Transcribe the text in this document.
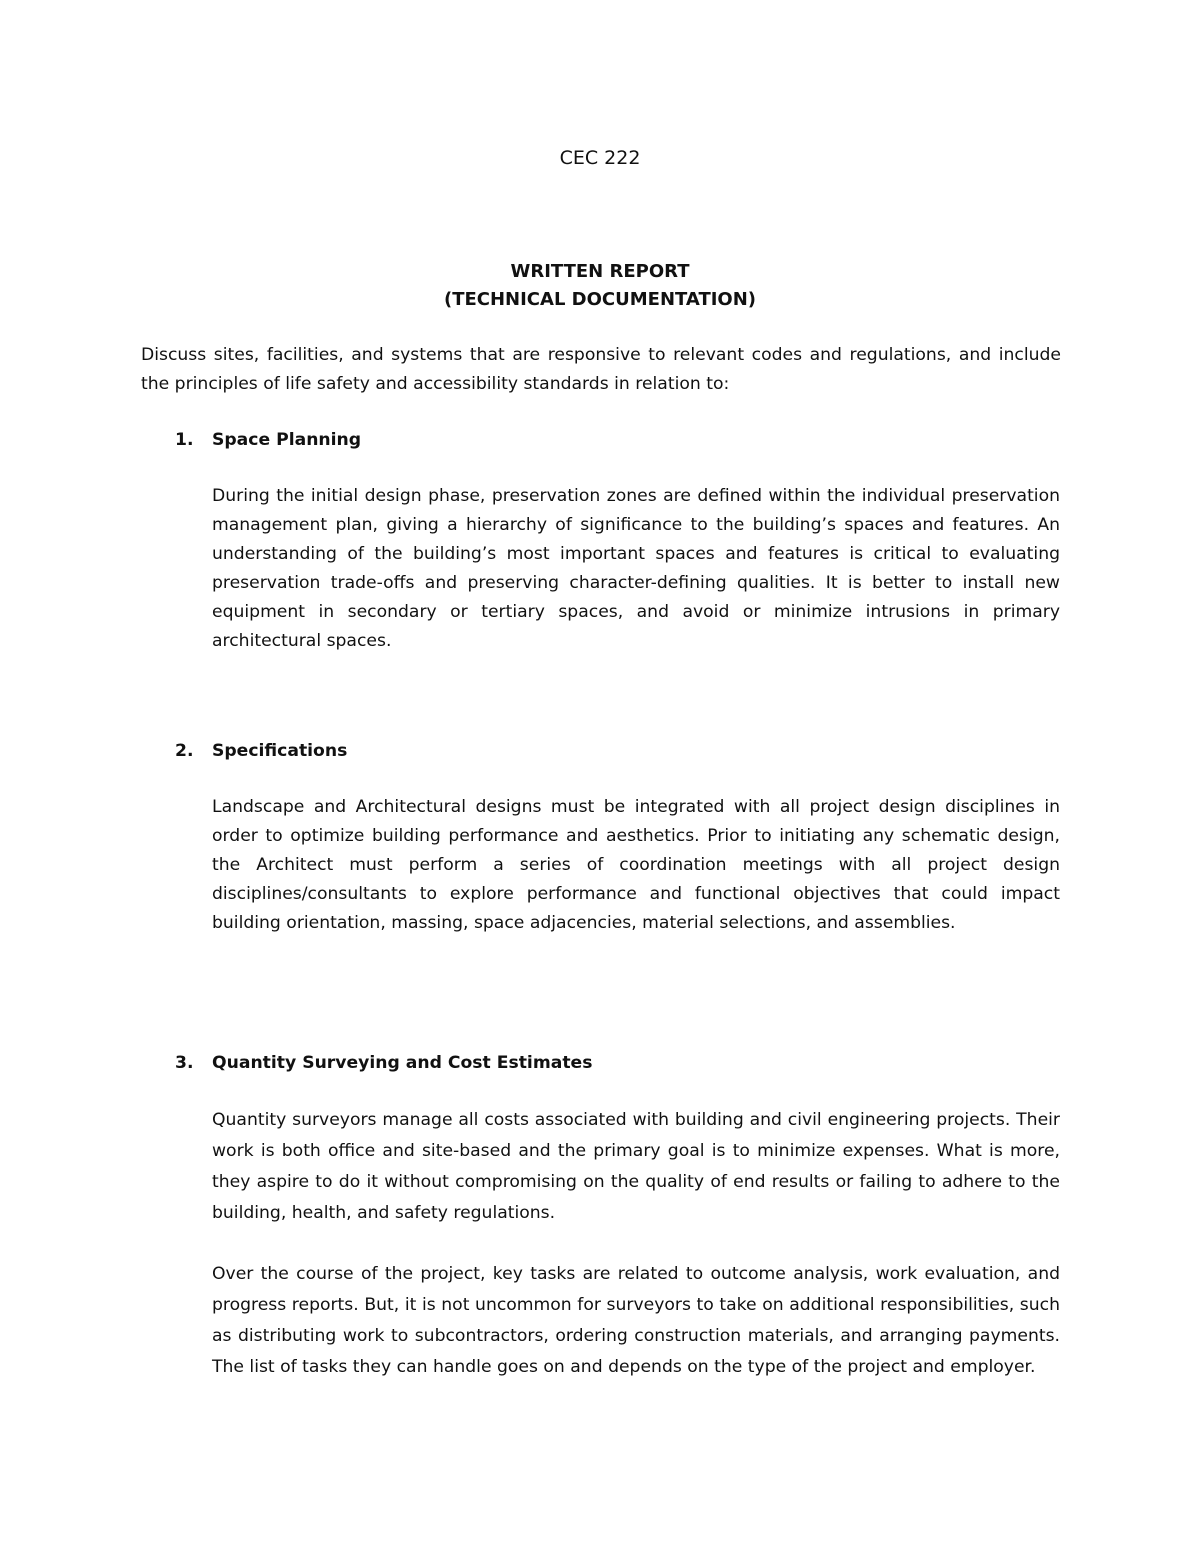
CEC 222
WRITTEN REPORT
(TECHNICAL DOCUMENTATION)

Discuss sites, facilities, and systems that are responsive to relevant codes and regulations, and include the principles of life safety and accessibility standards in relation to:

1. Space Planning

During the initial design phase, preservation zones are defined within the individual preservation management plan, giving a hierarchy of significance to the building’s spaces and features. An understanding of the building’s most important spaces and features is critical to evaluating preservation trade-offs and preserving character-defining qualities. It is better to install new equipment in secondary or tertiary spaces, and avoid or minimize intrusions in primary architectural spaces.

2. Specifications

Landscape and Architectural designs must be integrated with all project design disciplines in order to optimize building performance and aesthetics. Prior to initiating any schematic design, the Architect must perform a series of coordination meetings with all project design disciplines/consultants to explore performance and functional objectives that could impact building orientation, massing, space adjacencies, material selections, and assemblies.

3. Quantity Surveying and Cost Estimates

Quantity surveyors manage all costs associated with building and civil engineering projects. Their work is both office and site-based and the primary goal is to minimize expenses. What is more, they aspire to do it without compromising on the quality of end results or failing to adhere to the building, health, and safety regulations.

Over the course of the project, key tasks are related to outcome analysis, work evaluation, and progress reports. But, it is not uncommon for surveyors to take on additional responsibilities, such as distributing work to subcontractors, ordering construction materials, and arranging payments. The list of tasks they can handle goes on and depends on the type of the project and employer.
